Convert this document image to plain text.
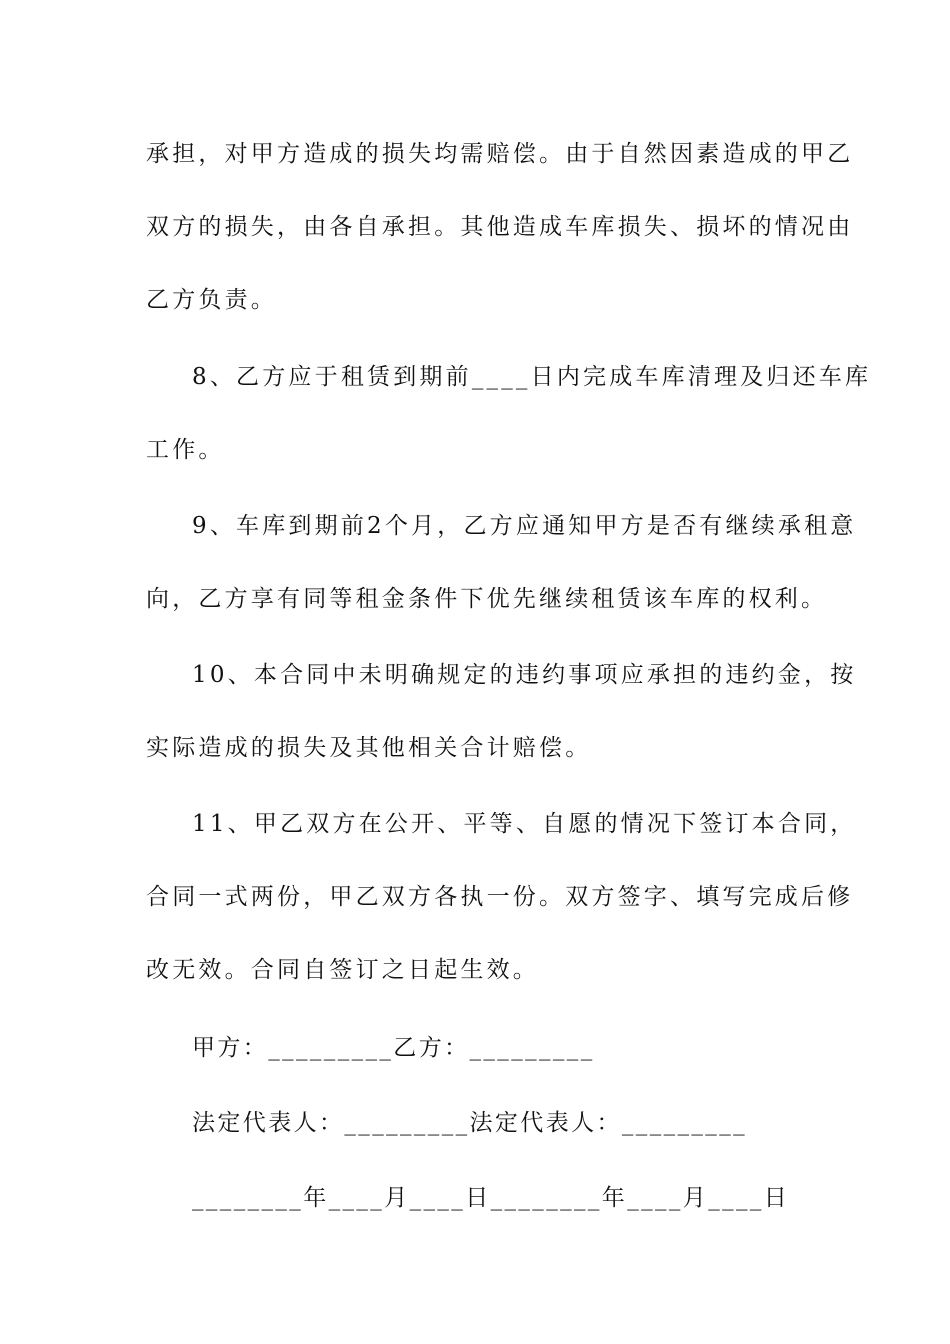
承担，对甲方造成的损失均需赔偿。由于自然因素造成的甲乙
双方的损失，由各自承担。其他造成车库损失、损坏的情况由
乙方负责。
8、乙方应于租赁到期前____日内完成车库清理及归还车库
工作。
9、车库到期前2个月，乙方应通知甲方是否有继续承租意
向，乙方享有同等租金条件下优先继续租赁该车库的权利。
10、本合同中未明确规定的违约事项应承担的违约金，按
实际造成的损失及其他相关合计赔偿。
11、甲乙双方在公开、平等、自愿的情况下签订本合同，
合同一式两份，甲乙双方各执一份。双方签字、填写完成后修
改无效。合同自签订之日起生效。
甲方：_________乙方：_________
法定代表人：_________法定代表人：_________
________年____月____日________年____月____日
